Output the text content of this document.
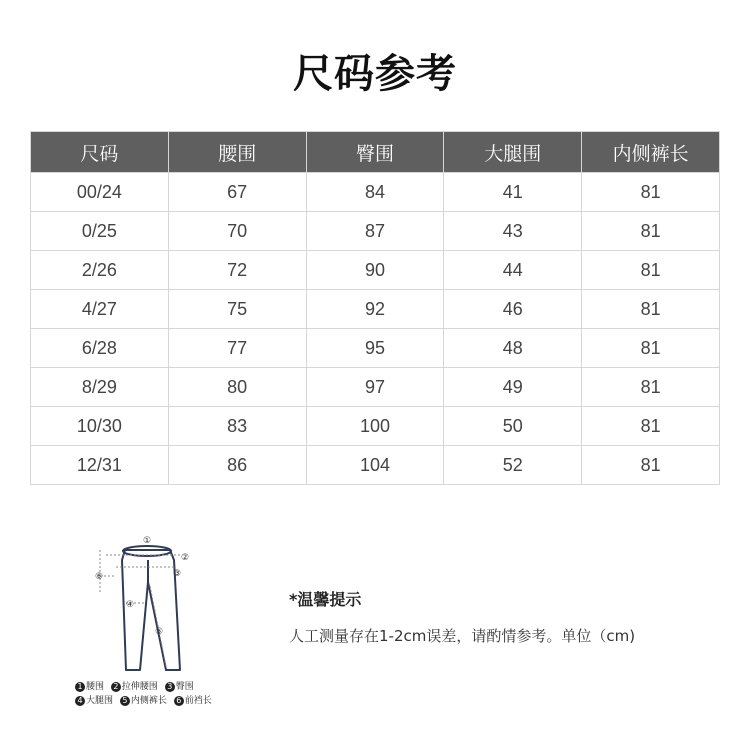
尺码参考
尺码	腰围	臀围	大腿围	内侧裤长
00/24	67	84	41	81
0/25	70	87	43	81
2/26	72	90	44	81
4/27	75	92	46	81
6/28	77	95	48	81
8/29	80	97	49	81
10/30	83	100	50	81
12/31	86	104	52	81
①
②
③
④
⑤
⑥
1 腰围 2 拉伸腰围 3 臀围
4 大腿围 5 内侧裤长 6 前裆长
*温馨提示
人工测量存在1-2cm误差，请酌情参考。单位（cm)
